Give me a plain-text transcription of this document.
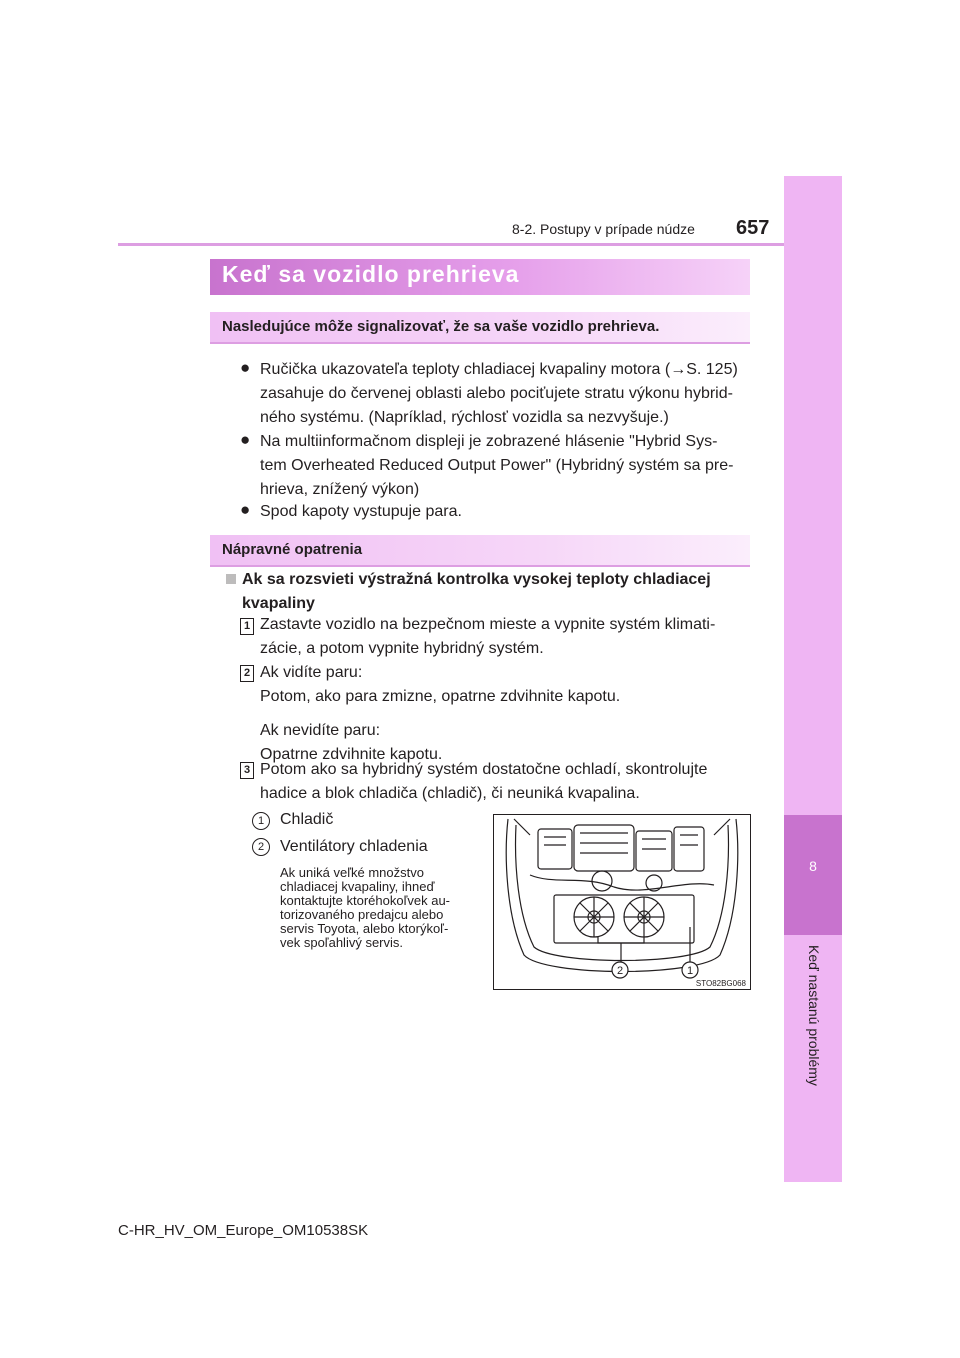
8
Keď nastanú problémy
8-2. Postupy v prípade núdze 657
Keď sa vozidlo prehrieva
Nasledujúce môže signalizovať, že sa vaše vozidlo prehrieva.
● Ručička ukazovateľa teploty chladiacej kvapaliny motora (→S. 125)
zasahuje do červenej oblasti alebo pociťujete stratu výkonu hybrid-
ného systému. (Napríklad, rýchlosť vozidla sa nezvyšuje.)
● Na multiinformačnom displeji je zobrazené hlásenie "Hybrid Sys-
tem Overheated Reduced Output Power" (Hybridný systém sa pre-
hrieva, znížený výkon)
● Spod kapoty vystupuje para.
Nápravné opatrenia
Ak sa rozsvieti výstražná kontrolka vysokej teploty chladiacej
kvapaliny
1 Zastavte vozidlo na bezpečnom mieste a vypnite systém klimati-
zácie, a potom vypnite hybridný systém.
2 Ak vidíte paru:
Potom, ako para zmizne, opatrne zdvihnite kapotu.
Ak nevidíte paru:
Opatrne zdvihnite kapotu.
3 Potom ako sa hybridný systém dostatočne ochladí, skontrolujte
hadice a blok chladiča (chladič), či neuniká kvapalina.
1 Chladič
2 Ventilátory chladenia
Ak uniká veľké množstvo
chladiacej kvapaliny, ihneď
kontaktujte ktoréhokoľvek au-
torizovaného predajcu alebo
servis Toyota, alebo ktorýkoľ-
vek spoľahlivý servis.
2	1
STO82BG068
C-HR_HV_OM_Europe_OM10538SK
